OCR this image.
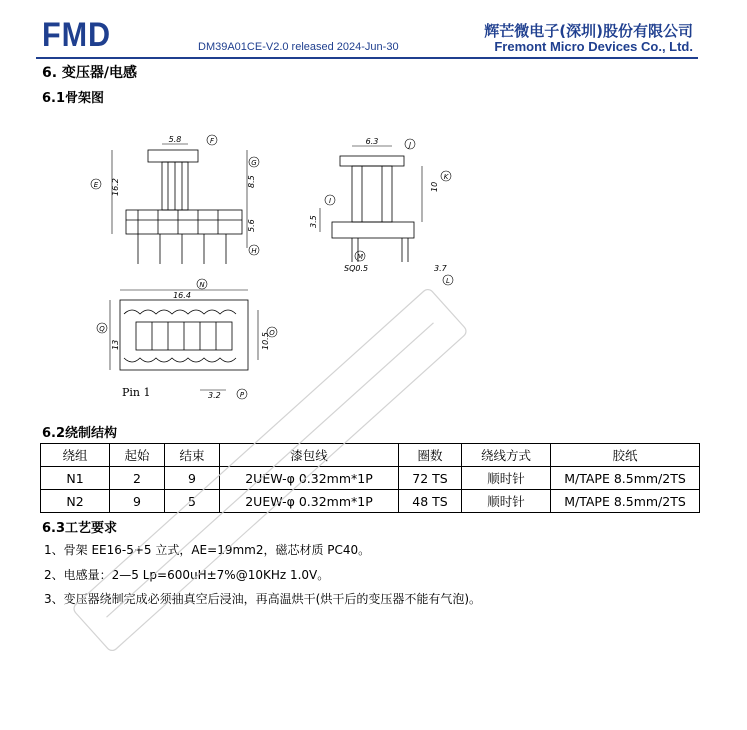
FMD	DM39A01CE-V2.0 released 2024-Jun-30
辉芒微电子(深圳)股份有限公司
Fremont Micro Devices Co., Ltd.
6. 变压器/电感
6.1骨架图
5.8
16.2	8.5
5.6
6.3
10
3.5
SQ0.5	3.7
16.4
13	10.5
3.2
Pin 1
F
E
G
H
J
K
I
M
L
N
Q	O
P
6.2绕制结构
绕组	起始	结束	漆包线	圈数	绕线方式	胶纸
N1	2	9	2UEW-φ 0.32mm*1P	72 TS	顺时针	M/TAPE 8.5mm/2TS
N2	9	5	2UEW-φ 0.32mm*1P	48 TS	顺时针	M/TAPE 8.5mm/2TS
6.3工艺要求
1、骨架 EE16-5+5 立式，AE=19mm2，磁芯材质 PC40。
2、电感量：2—5 Lp=600uH±7%@10KHz 1.0V。
3、变压器绕制完成必须抽真空后浸油，再高温烘干(烘干后的变压器不能有气泡)。
